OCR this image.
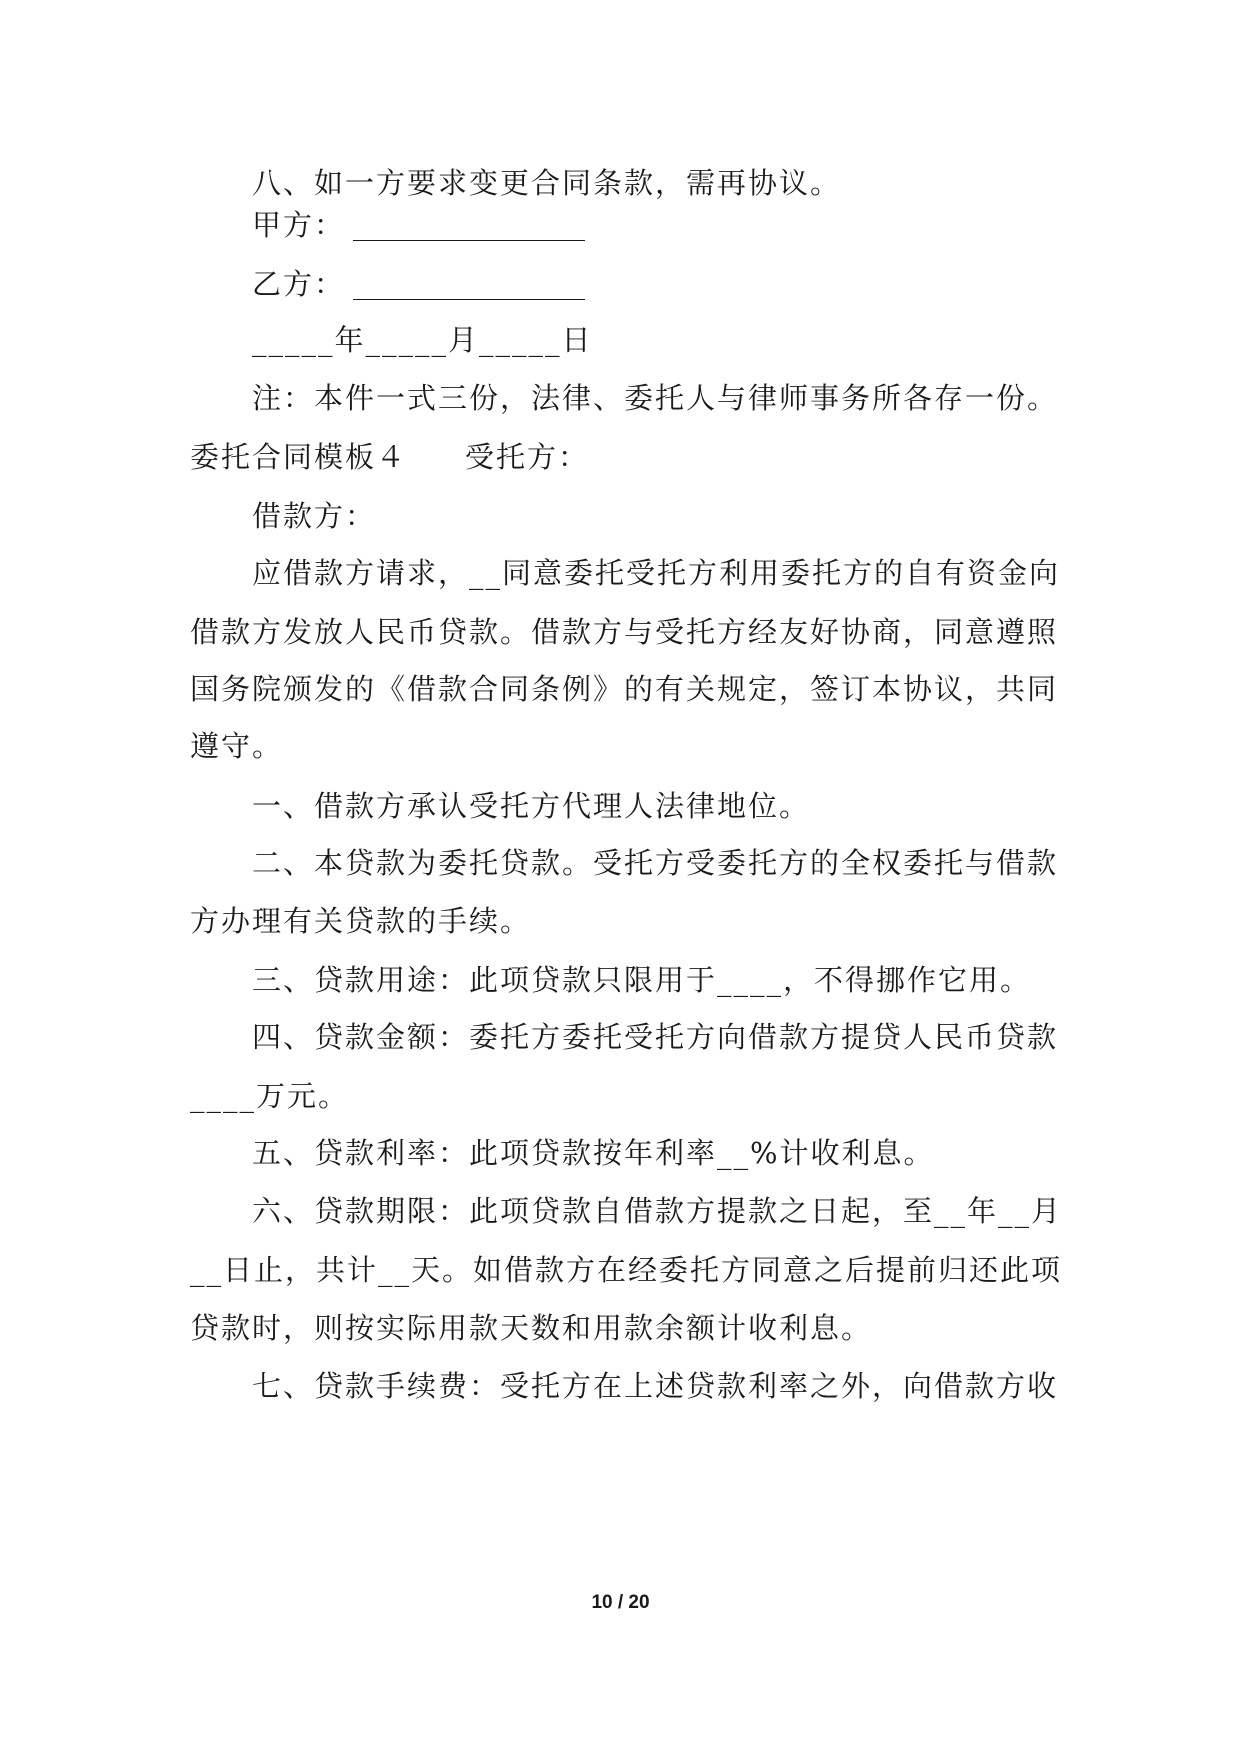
八、如一方要求变更合同条款，需再协议。
甲方：
乙方：
_____年_____月_____日
注：本件一式三份，法律、委托人与律师事务所各存一份。
委托合同模板４ 受托方：
借款方：
应借款方请求，__同意委托受托方利用委托方的自有资金向
借款方发放人民币贷款。借款方与受托方经友好协商，同意遵照
国务院颁发的《借款合同条例》的有关规定，签订本协议，共同
遵守。
一、借款方承认受托方代理人法律地位。
二、本贷款为委托贷款。受托方受委托方的全权委托与借款
方办理有关贷款的手续。
三、贷款用途：此项贷款只限用于____，不得挪作它用。
四、贷款金额：委托方委托受托方向借款方提贷人民币贷款
____万元。
五、贷款利率：此项贷款按年利率__%计收利息。
六、贷款期限：此项贷款自借款方提款之日起，至__年__月
__日止，共计__天。如借款方在经委托方同意之后提前归还此项
贷款时，则按实际用款天数和用款余额计收利息。
七、贷款手续费：受托方在上述贷款利率之外，向借款方收
10 / 20
